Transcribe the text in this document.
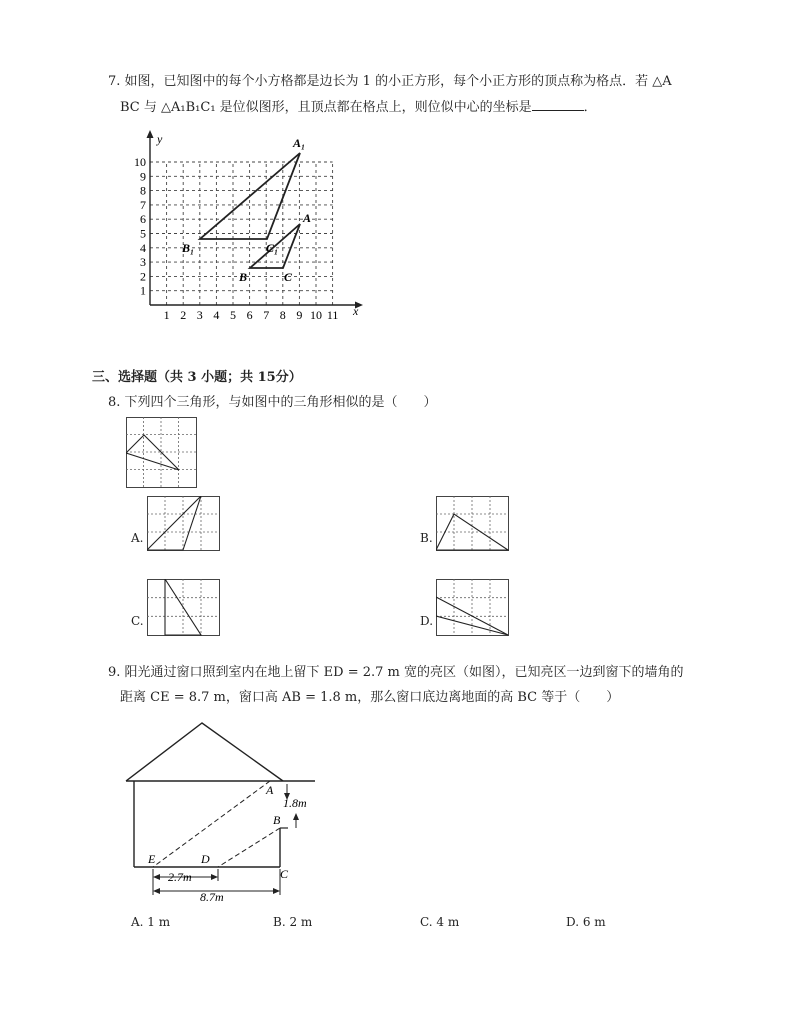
7. 如图，已知图中的每个小方格都是边长为 1 的小正方形，每个小正方形的顶点称为格点．若 △A
BC 与 △A₁B₁C₁ 是位似图形，且顶点都在格点上，则位似中心的坐标是	．
x
y
1 2 3 4 5 6 7 8 9 10 11
1
2
3
4
5
6
7
8
9
10
A₁
B₁	C₁
A
B	C
三、选择题（共 3 小题；共 15分）
8. 下列四个三角形，与如图中的三角形相似的是（　　）
A.	B.
C.	D.
9. 阳光通过窗口照到室内在地上留下 ED = 2.7 m 宽的亮区（如图），已知亮区一边到窗下的墙角的
距离 CE = 8.7 m，窗口高 AB = 1.8 m，那么窗口底边离地面的高 BC 等于（　　）
1.8m
A
B
C
D
E
2.7m
8.7m
A. 1 m	B. 2 m	C. 4 m	D. 6 m
